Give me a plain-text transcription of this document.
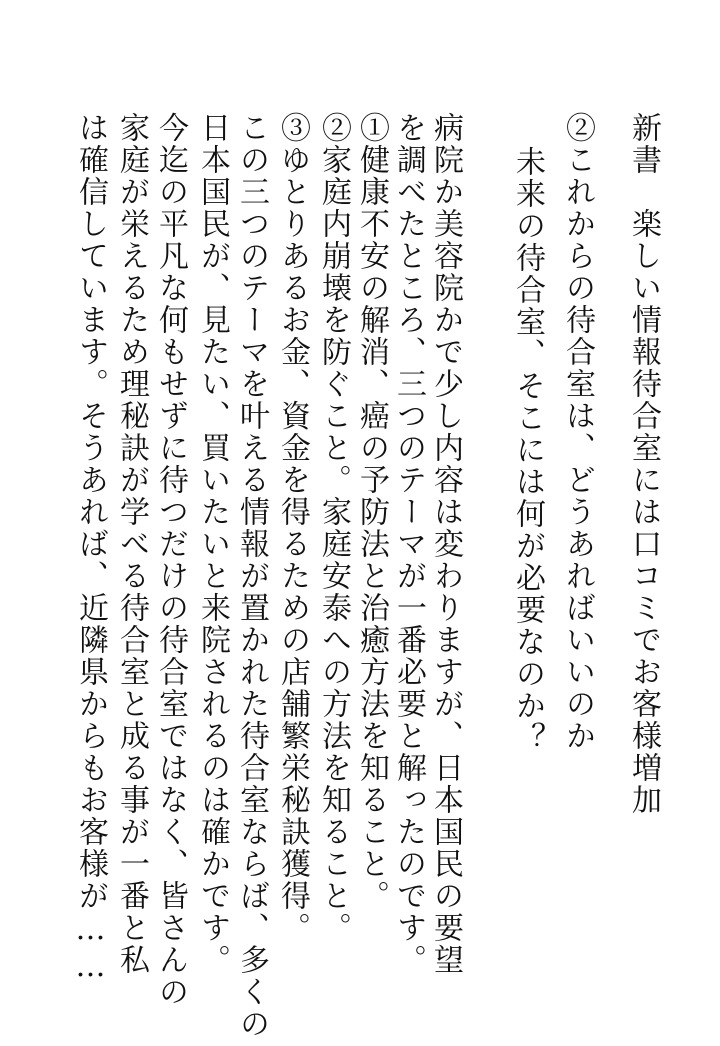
新書　楽しい情報待合室には口コミでお客様増加
②これからの待合室は、どうあればいいのか
未来の待合室、そこには何が必要なのか？
病院か美容院かで少し内容は変わりますが、日本国民の要望
を調べたところ、三つのテーマが一番必要と解ったのです。
①健康不安の解消、癌の予防法と治癒方法を知ること。
②家庭内崩壊を防ぐこと。家庭安泰への方法を知ること。
③ゆとりあるお金、資金を得るための店舗繁栄秘訣獲得。
この三つのテーマを叶える情報が置かれた待合室ならば、多くの
日本国民が、見たい、買いたいと来院されるのは確かです。
今迄の平凡な何もせずに待つだけの待合室ではなく、皆さんの
家庭が栄えるため理秘訣が学べる待合室と成る事が一番と私
は確信しています。そうあれば、近隣県からもお客様が……
